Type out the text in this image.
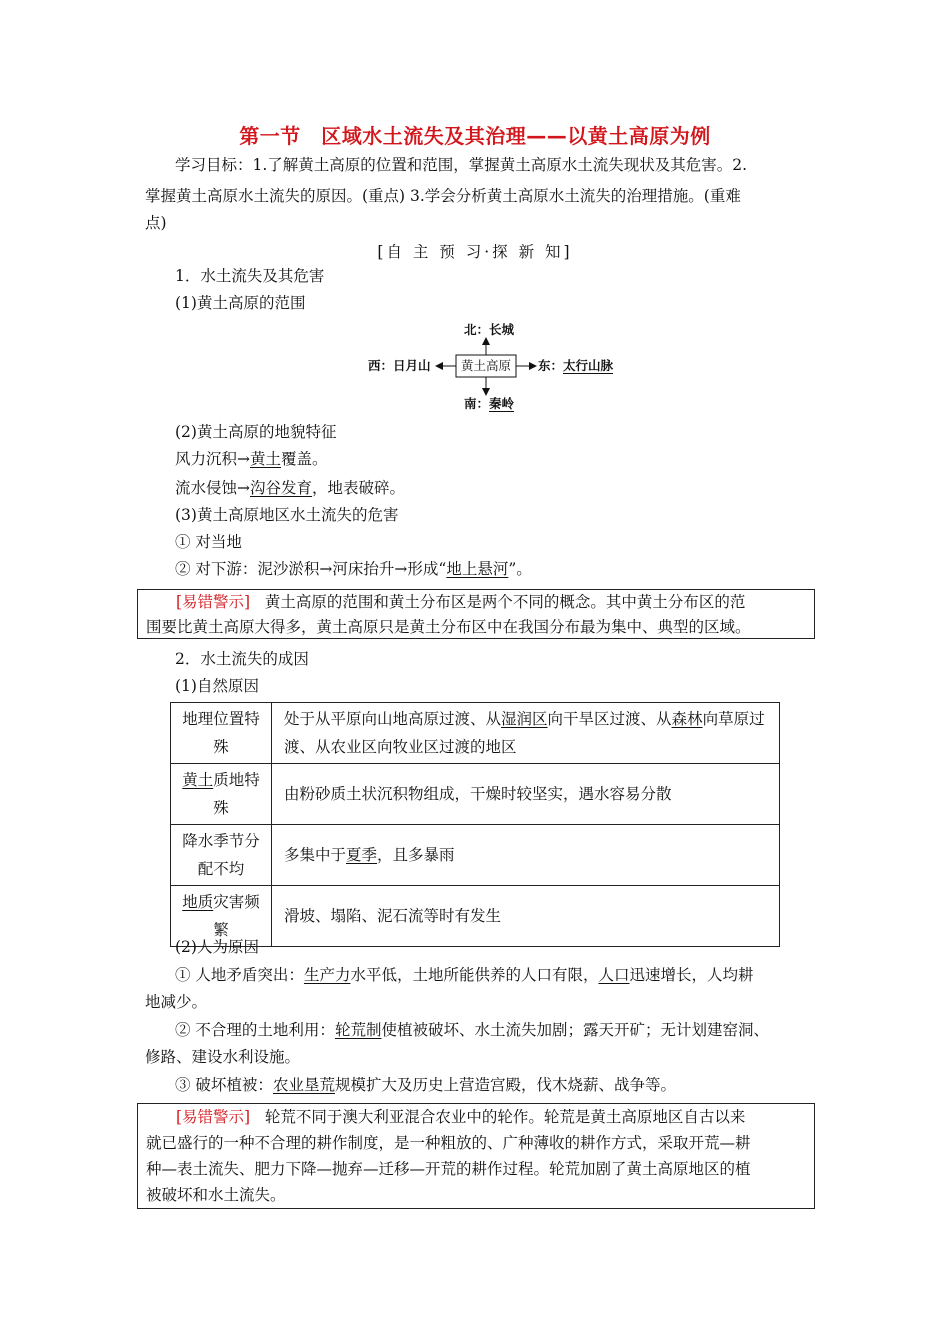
第一节　区域水土流失及其治理——以黄土高原为例
学习目标：1.了解黄土高原的位置和范围，掌握黄土高原水土流失现状及其危害。2.
掌握黄土高原水土流失的原因。(重点) 3.学会分析黄土高原水土流失的治理措施。(重难
点)
[自 主 预 习·探 新 知]
1．水土流失及其危害
(1)黄土高原的范围
黄土高原
北：长城
西：日月山	东：太行山脉
南：秦岭
(2)黄土高原的地貌特征
风力沉积→黄土覆盖。
流水侵蚀→沟谷发育，地表破碎。
(3)黄土高原地区水土流失的危害
① 对当地
② 对下游：泥沙淤积→河床抬升→形成“地上悬河”。
[易错警示] 黄土高原的范围和黄土分布区是两个不同的概念。其中黄土分布区的范
围要比黄土高原大得多，黄土高原只是黄土分布区中在我国分布最为集中、典型的区域。
2．水土流失的成因
(1)自然原因
地理位置特殊	处于从平原向山地高原过渡、从湿润区向干旱区过渡、从森林向草原过渡、从农业区向牧业区过渡的地区
黄土质地特殊	由粉砂质土状沉积物组成，干燥时较坚实，遇水容易分散
降水季节分配不均	多集中于夏季，且多暴雨
地质灾害频繁	滑坡、塌陷、泥石流等时有发生
(2)人为原因
① 人地矛盾突出：生产力水平低，土地所能供养的人口有限，人口迅速增长，人均耕
地减少。
② 不合理的土地利用：轮荒制使植被破坏、水土流失加剧；露天开矿；无计划建窑洞、
修路、建设水利设施。
③ 破坏植被：农业垦荒规模扩大及历史上营造宫殿，伐木烧薪、战争等。
[易错警示] 轮荒不同于澳大利亚混合农业中的轮作。轮荒是黄土高原地区自古以来
就已盛行的一种不合理的耕作制度，是一种粗放的、广种薄收的耕作方式，采取开荒—耕
种—表土流失、肥力下降—抛弃—迁移—开荒的耕作过程。轮荒加剧了黄土高原地区的植
被破坏和水土流失。
